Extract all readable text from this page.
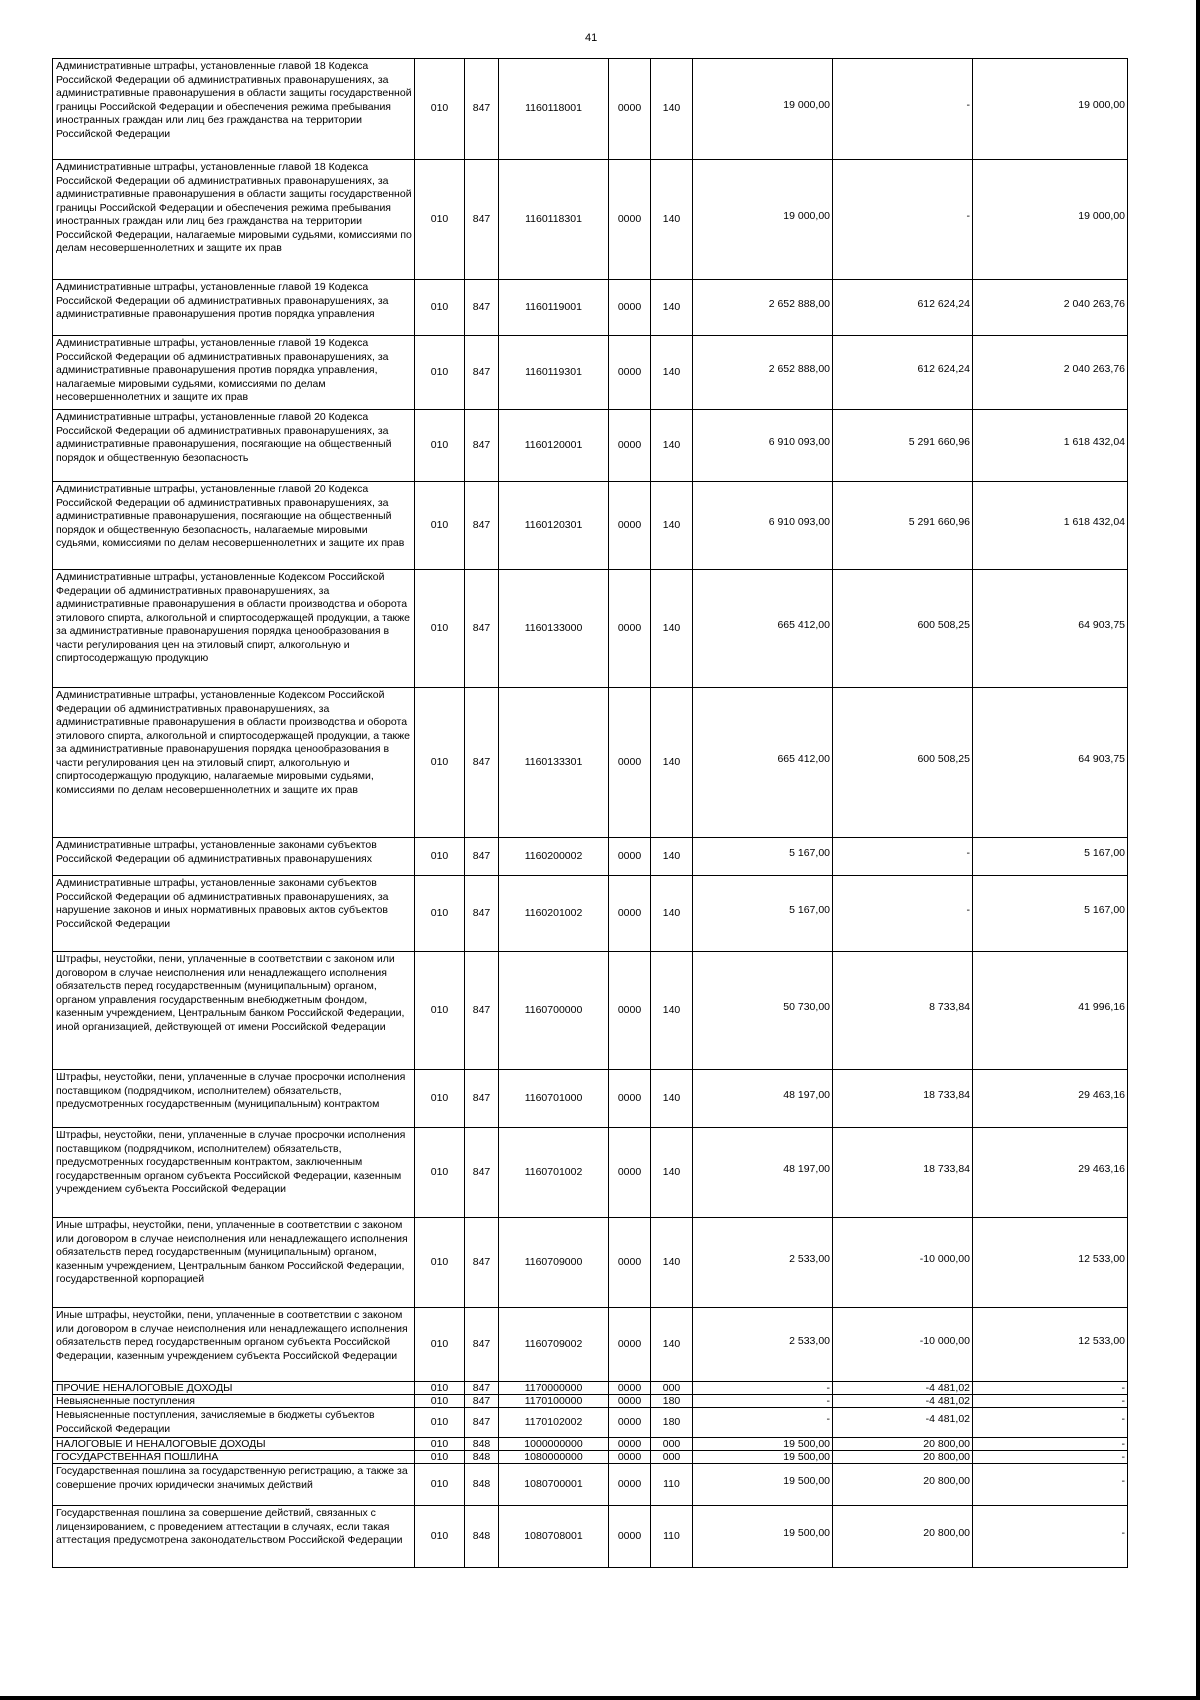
41
Административные штрафы, установленные главой 18 Кодекса Российской Федерации об административных правонарушениях, за административные правонарушения в области защиты государственной границы Российской Федерации и обеспечения режима пребывания иностранных граждан или лиц без гражданства на территории Российской Федерации	010	847	1160118001	0000	140	19 000,00	-	19 000,00
Административные штрафы, установленные главой 18 Кодекса Российской Федерации об административных правонарушениях, за административные правонарушения в области защиты государственной границы Российской Федерации и обеспечения режима пребывания иностранных граждан или лиц без гражданства на территории Российской Федерации, налагаемые мировыми судьями, комиссиями по делам несовершеннолетних и защите их прав	010	847	1160118301	0000	140	19 000,00	-	19 000,00
Административные штрафы, установленные главой 19 Кодекса Российской Федерации об административных правонарушениях, за административные правонарушения против порядка управления	010	847	1160119001	0000	140	2 652 888,00	612 624,24	2 040 263,76
Административные штрафы, установленные главой 19 Кодекса Российской Федерации об административных правонарушениях, за административные правонарушения против порядка управления, налагаемые мировыми судьями, комиссиями по делам несовершеннолетних и защите их прав	010	847	1160119301	0000	140	2 652 888,00	612 624,24	2 040 263,76
Административные штрафы, установленные главой 20 Кодекса Российской Федерации об административных правонарушениях, за административные правонарушения, посягающие на общественный порядок и общественную безопасность	010	847	1160120001	0000	140	6 910 093,00	5 291 660,96	1 618 432,04
Административные штрафы, установленные главой 20 Кодекса Российской Федерации об административных правонарушениях, за административные правонарушения, посягающие на общественный порядок и общественную безопасность, налагаемые мировыми судьями, комиссиями по делам несовершеннолетних и защите их прав	010	847	1160120301	0000	140	6 910 093,00	5 291 660,96	1 618 432,04
Административные штрафы, установленные Кодексом Российской Федерации об административных правонарушениях, за административные правонарушения в области производства и оборота этилового спирта, алкогольной и спиртосодержащей продукции, а также за административные правонарушения порядка ценообразования в части регулирования цен на этиловый спирт, алкогольную и спиртосодержащую продукцию	010	847	1160133000	0000	140	665 412,00	600 508,25	64 903,75
Административные штрафы, установленные Кодексом Российской Федерации об административных правонарушениях, за административные правонарушения в области производства и оборота этилового спирта, алкогольной и спиртосодержащей продукции, а также за административные правонарушения порядка ценообразования в части регулирования цен на этиловый спирт, алкогольную и спиртосодержащую продукцию, налагаемые мировыми судьями, комиссиями по делам несовершеннолетних и защите их прав	010	847	1160133301	0000	140	665 412,00	600 508,25	64 903,75
Административные штрафы, установленные законами субъектов Российской Федерации об административных правонарушениях	010	847	1160200002	0000	140	5 167,00	-	5 167,00
Административные штрафы, установленные законами субъектов Российской Федерации об административных правонарушениях, за нарушение законов и иных нормативных правовых актов субъектов Российской Федерации	010	847	1160201002	0000	140	5 167,00	-	5 167,00
Штрафы, неустойки, пени, уплаченные в соответствии с законом или договором в случае неисполнения или ненадлежащего исполнения обязательств перед государственным (муниципальным) органом, органом управления государственным внебюджетным фондом, казенным учреждением, Центральным банком Российской Федерации, иной организацией, действующей от имени Российской Федерации	010	847	1160700000	0000	140	50 730,00	8 733,84	41 996,16
Штрафы, неустойки, пени, уплаченные в случае просрочки исполнения поставщиком (подрядчиком, исполнителем) обязательств, предусмотренных государственным (муниципальным) контрактом	010	847	1160701000	0000	140	48 197,00	18 733,84	29 463,16
Штрафы, неустойки, пени, уплаченные в случае просрочки исполнения поставщиком (подрядчиком, исполнителем) обязательств, предусмотренных государственным контрактом, заключенным государственным органом субъекта Российской Федерации, казенным учреждением субъекта Российской Федерации	010	847	1160701002	0000	140	48 197,00	18 733,84	29 463,16
Иные штрафы, неустойки, пени, уплаченные в соответствии с законом или договором в случае неисполнения или ненадлежащего исполнения обязательств перед государственным (муниципальным) органом, казенным учреждением, Центральным банком Российской Федерации, государственной корпорацией	010	847	1160709000	0000	140	2 533,00	-10 000,00	12 533,00
Иные штрафы, неустойки, пени, уплаченные в соответствии с законом или договором в случае неисполнения или ненадлежащего исполнения обязательств перед государственным органом субъекта Российской Федерации, казенным учреждением субъекта Российской Федерации	010	847	1160709002	0000	140	2 533,00	-10 000,00	12 533,00
ПРОЧИЕ НЕНАЛОГОВЫЕ ДОХОДЫ	010	847	1170000000	0000	000	-	-4 481,02	-
Невыясненные поступления	010	847	1170100000	0000	180	-	-4 481,02	-
Невыясненные поступления, зачисляемые в бюджеты субъектов Российской Федерации	010	847	1170102002	0000	180	-	-4 481,02	-
НАЛОГОВЫЕ И НЕНАЛОГОВЫЕ ДОХОДЫ	010	848	1000000000	0000	000	19 500,00	20 800,00	-
ГОСУДАРСТВЕННАЯ ПОШЛИНА	010	848	1080000000	0000	000	19 500,00	20 800,00	-
Государственная пошлина за государственную регистрацию, а также за совершение прочих юридически значимых действий	010	848	1080700001	0000	110	19 500,00	20 800,00	-
Государственная пошлина за совершение действий, связанных с лицензированием, с проведением аттестации в случаях, если такая аттестация предусмотрена законодательством Российской Федерации	010	848	1080708001	0000	110	19 500,00	20 800,00	-
